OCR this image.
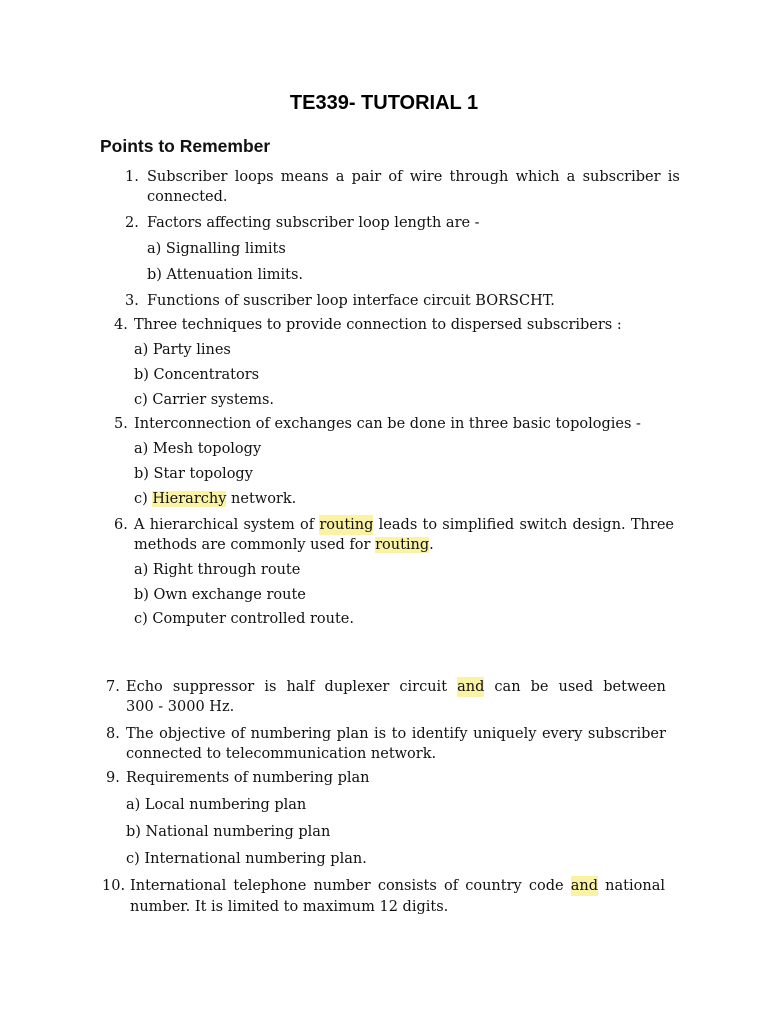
TE339- TUTORIAL 1
Points to Remember
1. Subscriber loops means a pair of wire through which a subscriber is
connected.
2. Factors affecting subscriber loop length are -
a) Signalling limits
b) Attenuation limits.
3. Functions of suscriber loop interface circuit BORSCHT.
4. Three techniques to provide connection to dispersed subscribers :
a) Party lines
b) Concentrators
c) Carrier systems.
5. Interconnection of exchanges can be done in three basic topologies -
a) Mesh topology
b) Star topology
c) Hierarchy network.
6. A hierarchical system of routing leads to simplified switch design. Three
methods are commonly used for routing.
a) Right through route
b) Own exchange route
c) Computer controlled route.
7. Echo suppressor is half duplexer circuit and can be used between
300 - 3000 Hz.
8. The objective of numbering plan is to identify uniquely every subscriber
connected to telecommunication network.
9. Requirements of numbering plan
a) Local numbering plan
b) National numbering plan
c) International numbering plan.
10. International telephone number consists of country code and national
number. It is limited to maximum 12 digits.
